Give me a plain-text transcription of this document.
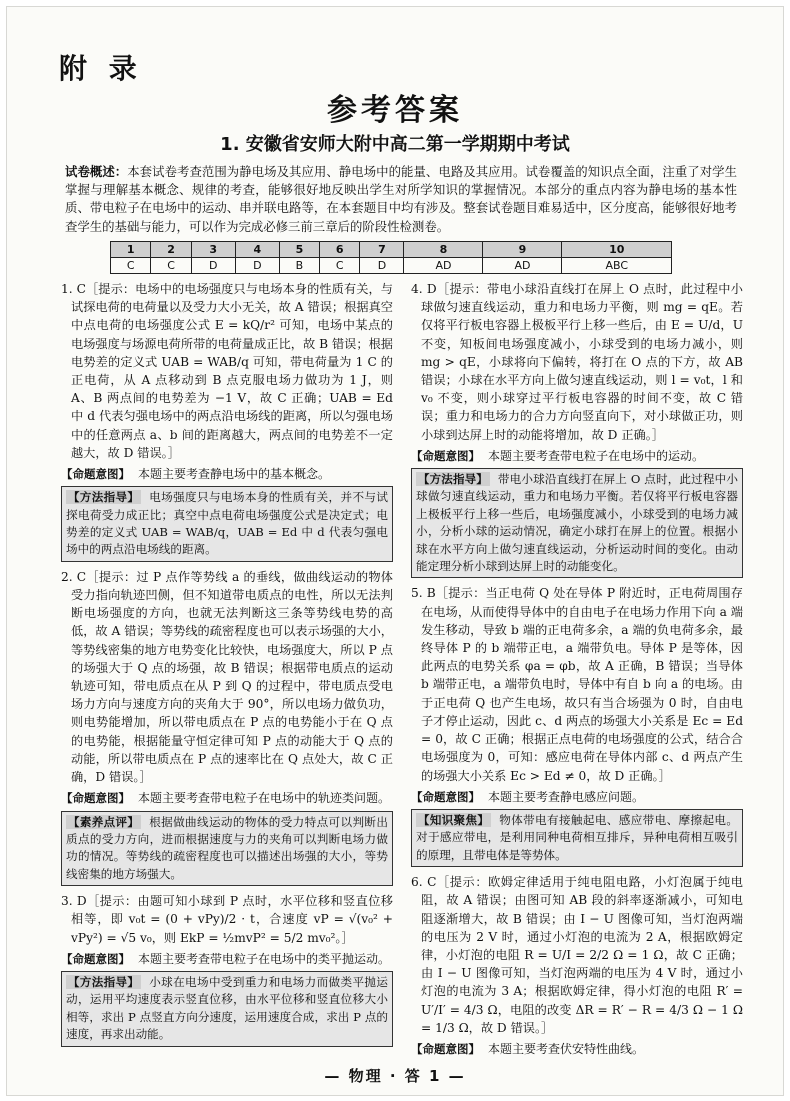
附 录
参考答案
1. 安徽省安师大附中高二第一学期期中考试
试卷概述：本套试卷考查范围为静电场及其应用、静电场中的能量、电路及其应用。试卷覆盖的知识点全面，注重了对学生掌握与理解基本概念、规律的考查，能够很好地反映出学生对所学知识的掌握情况。本部分的重点内容为静电场的基本性质、带电粒子在电场中的运动、串并联电路等，在本套题目中均有涉及。整套试卷题目难易适中，区分度高，能够很好地考查学生的基础与能力，可以作为完成必修三前三章后的阶段性检测卷。
1	2	3	4	5	6	7	8	9	10
C	C	D	D	B	C	D	AD	AD	ABC
1. C［提示：电场中的电场强度只与电场本身的性质有关，与试探电荷的电荷量以及受力大小无关，故 A 错误；根据真空中点电荷的电场强度公式 E = kQ/r² 可知，电场中某点的电场强度与场源电荷所带的电荷量成正比，故 B 错误；根据电势差的定义式 UAB = WAB/q 可知，带电荷量为 1 C 的正电荷，从 A 点移动到 B 点克服电场力做功为 1 J，则 A、B 两点间的电势差为 −1 V，故 C 正确；UAB = Ed 中 d 代表匀强电场中的两点沿电场线的距离，所以匀强电场中的任意两点 a、b 间的距离越大，两点间的电势差不一定越大，故 D 错误。］
【命题意图】 本题主要考查静电场中的基本概念。
【方法指导】 电场强度只与电场本身的性质有关，并不与试探电荷受力成正比；真空中点电荷电场强度公式是决定式；电势差的定义式 UAB = WAB/q，UAB = Ed 中 d 代表匀强电场中的两点沿电场线的距离。
2. C［提示：过 P 点作等势线 a 的垂线，做曲线运动的物体受力指向轨迹凹侧，但不知道带电质点的电性，所以无法判断电场强度的方向，也就无法判断这三条等势线电势的高低，故 A 错误；等势线的疏密程度也可以表示场强的大小，等势线密集的地方电势变化比较快，电场强度大，所以 P 点的场强大于 Q 点的场强，故 B 错误；根据带电质点的运动轨迹可知，带电质点在从 P 到 Q 的过程中，带电质点受电场力方向与速度方向的夹角大于 90°，所以电场力做负功，则电势能增加，所以带电质点在 P 点的电势能小于在 Q 点的电势能，根据能量守恒定律可知 P 点的动能大于 Q 点的动能，所以带电质点在 P 点的速率比在 Q 点处大，故 C 正确，D 错误。］
【命题意图】 本题主要考查带电粒子在电场中的轨迹类问题。
【素养点评】 根据做曲线运动的物体的受力特点可以判断出质点的受力方向，进而根据速度与力的夹角可以判断电场力做功的情况。等势线的疏密程度也可以描述出场强的大小，等势线密集的地方场强大。
3. D［提示：由题可知小球到 P 点时，水平位移和竖直位移相等，即 v₀t = (0 + vPy)/2 · t，合速度 vP = √(v₀² + vPy²) = √5 v₀，则 EkP = ½mvP² = 5/2 mv₀²。］
【命题意图】 本题主要考查带电粒子在电场中的类平抛运动。
【方法指导】 小球在电场中受到重力和电场力而做类平抛运动，运用平均速度表示竖直位移，由水平位移和竖直位移大小相等，求出 P 点竖直方向分速度，运用速度合成，求出 P 点的速度，再求出动能。
4. D［提示：带电小球沿直线打在屏上 O 点时，此过程中小球做匀速直线运动，重力和电场力平衡，则 mg = qE。若仅将平行板电容器上极板平行上移一些后，由 E = U/d，U 不变，知板间电场强度减小，小球受到的电场力减小，则 mg > qE，小球将向下偏转，将打在 O 点的下方，故 AB 错误；小球在水平方向上做匀速直线运动，则 l = v₀t，l 和 v₀ 不变，则小球穿过平行板电容器的时间不变，故 C 错误；重力和电场力的合力方向竖直向下，对小球做正功，则小球到达屏上时的动能将增加，故 D 正确。］
【命题意图】 本题主要考查带电粒子在电场中的运动。
【方法指导】 带电小球沿直线打在屏上 O 点时，此过程中小球做匀速直线运动，重力和电场力平衡。若仅将平行板电容器上极板平行上移一些后，电场强度减小，小球受到的电场力减小，分析小球的运动情况，确定小球打在屏上的位置。根据小球在水平方向上做匀速直线运动，分析运动时间的变化。由动能定理分析小球到达屏上时的动能变化。
5. B［提示：当正电荷 Q 处在导体 P 附近时，正电荷周围存在电场，从而使得导体中的自由电子在电场力作用下向 a 端发生移动，导致 b 端的正电荷多余，a 端的负电荷多余，最终导体 P 的 b 端带正电，a 端带负电。导体 P 是等体，因此两点的电势关系 φa = φb，故 A 正确，B 错误；当导体 b 端带正电，a 端带负电时，导体中有自 b 向 a 的电场。由于正电荷 Q 也产生电场，故只有当合场强为 0 时，自由电子才停止运动，因此 c、d 两点的场强大小关系是 Ec = Ed = 0，故 C 正确；根据正点电荷的电场强度的公式，结合合电场强度为 0，可知：感应电荷在导体内部 c、d 两点产生的场强大小关系 Ec > Ed ≠ 0，故 D 正确。］
【命题意图】 本题主要考查静电感应问题。
【知识聚焦】 物体带电有接触起电、感应带电、摩擦起电。对于感应带电，是利用同种电荷相互排斥，异种电荷相互吸引的原理，且带电体是等势体。
6. C［提示：欧姆定律适用于纯电阻电路，小灯泡属于纯电阻，故 A 错误；由图可知 AB 段的斜率逐渐减小，可知电阻逐渐增大，故 B 错误；由 I − U 图像可知，当灯泡两端的电压为 2 V 时，通过小灯泡的电流为 2 A，根据欧姆定律，小灯泡的电阻 R = U/I = 2/2 Ω = 1 Ω，故 C 正确；由 I − U 图像可知，当灯泡两端的电压为 4 V 时，通过小灯泡的电流为 3 A；根据欧姆定律，得小灯泡的电阻 R′ = U′/I′ = 4/3 Ω，电阻的改变 ΔR = R′ − R = 4/3 Ω − 1 Ω = 1/3 Ω，故 D 错误。］
【命题意图】 本题主要考查伏安特性曲线。
— 物理 · 答 1 —
